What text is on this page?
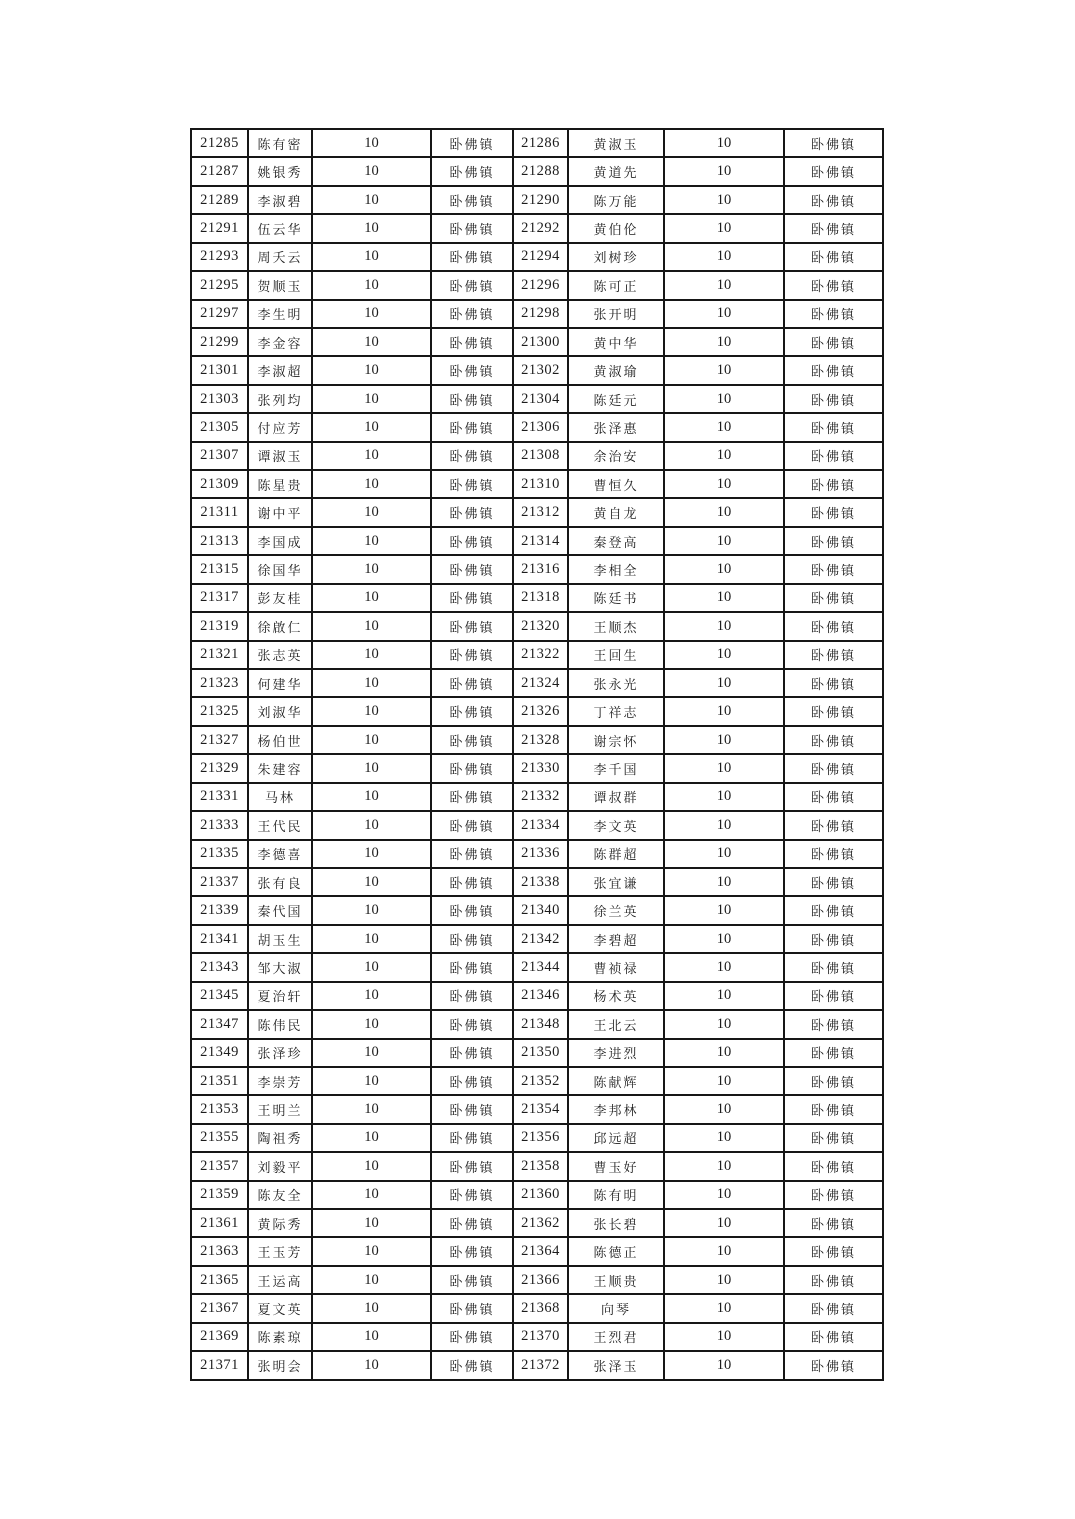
21285	陈有密	10	卧佛镇	21286	黄淑玉	10	卧佛镇
21287	姚银秀	10	卧佛镇	21288	黄道先	10	卧佛镇
21289	李淑碧	10	卧佛镇	21290	陈万能	10	卧佛镇
21291	伍云华	10	卧佛镇	21292	黄伯伦	10	卧佛镇
21293	周夭云	10	卧佛镇	21294	刘树珍	10	卧佛镇
21295	贺顺玉	10	卧佛镇	21296	陈可正	10	卧佛镇
21297	李生明	10	卧佛镇	21298	张开明	10	卧佛镇
21299	李金容	10	卧佛镇	21300	黄中华	10	卧佛镇
21301	李淑超	10	卧佛镇	21302	黄淑瑜	10	卧佛镇
21303	张列均	10	卧佛镇	21304	陈廷元	10	卧佛镇
21305	付应芳	10	卧佛镇	21306	张泽惠	10	卧佛镇
21307	谭淑玉	10	卧佛镇	21308	余治安	10	卧佛镇
21309	陈星贵	10	卧佛镇	21310	曹恒久	10	卧佛镇
21311	谢中平	10	卧佛镇	21312	黄自龙	10	卧佛镇
21313	李国成	10	卧佛镇	21314	秦登高	10	卧佛镇
21315	徐国华	10	卧佛镇	21316	李相全	10	卧佛镇
21317	彭友桂	10	卧佛镇	21318	陈廷书	10	卧佛镇
21319	徐啟仁	10	卧佛镇	21320	王顺杰	10	卧佛镇
21321	张志英	10	卧佛镇	21322	王回生	10	卧佛镇
21323	何建华	10	卧佛镇	21324	张永光	10	卧佛镇
21325	刘淑华	10	卧佛镇	21326	丁祥志	10	卧佛镇
21327	杨伯世	10	卧佛镇	21328	谢宗怀	10	卧佛镇
21329	朱建容	10	卧佛镇	21330	李千国	10	卧佛镇
21331	马林	10	卧佛镇	21332	谭叔群	10	卧佛镇
21333	王代民	10	卧佛镇	21334	李文英	10	卧佛镇
21335	李德喜	10	卧佛镇	21336	陈群超	10	卧佛镇
21337	张有良	10	卧佛镇	21338	张宜谦	10	卧佛镇
21339	秦代国	10	卧佛镇	21340	徐兰英	10	卧佛镇
21341	胡玉生	10	卧佛镇	21342	李碧超	10	卧佛镇
21343	邹大淑	10	卧佛镇	21344	曹祯禄	10	卧佛镇
21345	夏治轩	10	卧佛镇	21346	杨术英	10	卧佛镇
21347	陈伟民	10	卧佛镇	21348	王北云	10	卧佛镇
21349	张泽珍	10	卧佛镇	21350	李进烈	10	卧佛镇
21351	李崇芳	10	卧佛镇	21352	陈献辉	10	卧佛镇
21353	王明兰	10	卧佛镇	21354	李邦林	10	卧佛镇
21355	陶祖秀	10	卧佛镇	21356	邱远超	10	卧佛镇
21357	刘毅平	10	卧佛镇	21358	曹玉好	10	卧佛镇
21359	陈友全	10	卧佛镇	21360	陈有明	10	卧佛镇
21361	黄际秀	10	卧佛镇	21362	张长碧	10	卧佛镇
21363	王玉芳	10	卧佛镇	21364	陈德正	10	卧佛镇
21365	王运高	10	卧佛镇	21366	王顺贵	10	卧佛镇
21367	夏文英	10	卧佛镇	21368	向琴	10	卧佛镇
21369	陈素琼	10	卧佛镇	21370	王烈君	10	卧佛镇
21371	张明会	10	卧佛镇	21372	张泽玉	10	卧佛镇
